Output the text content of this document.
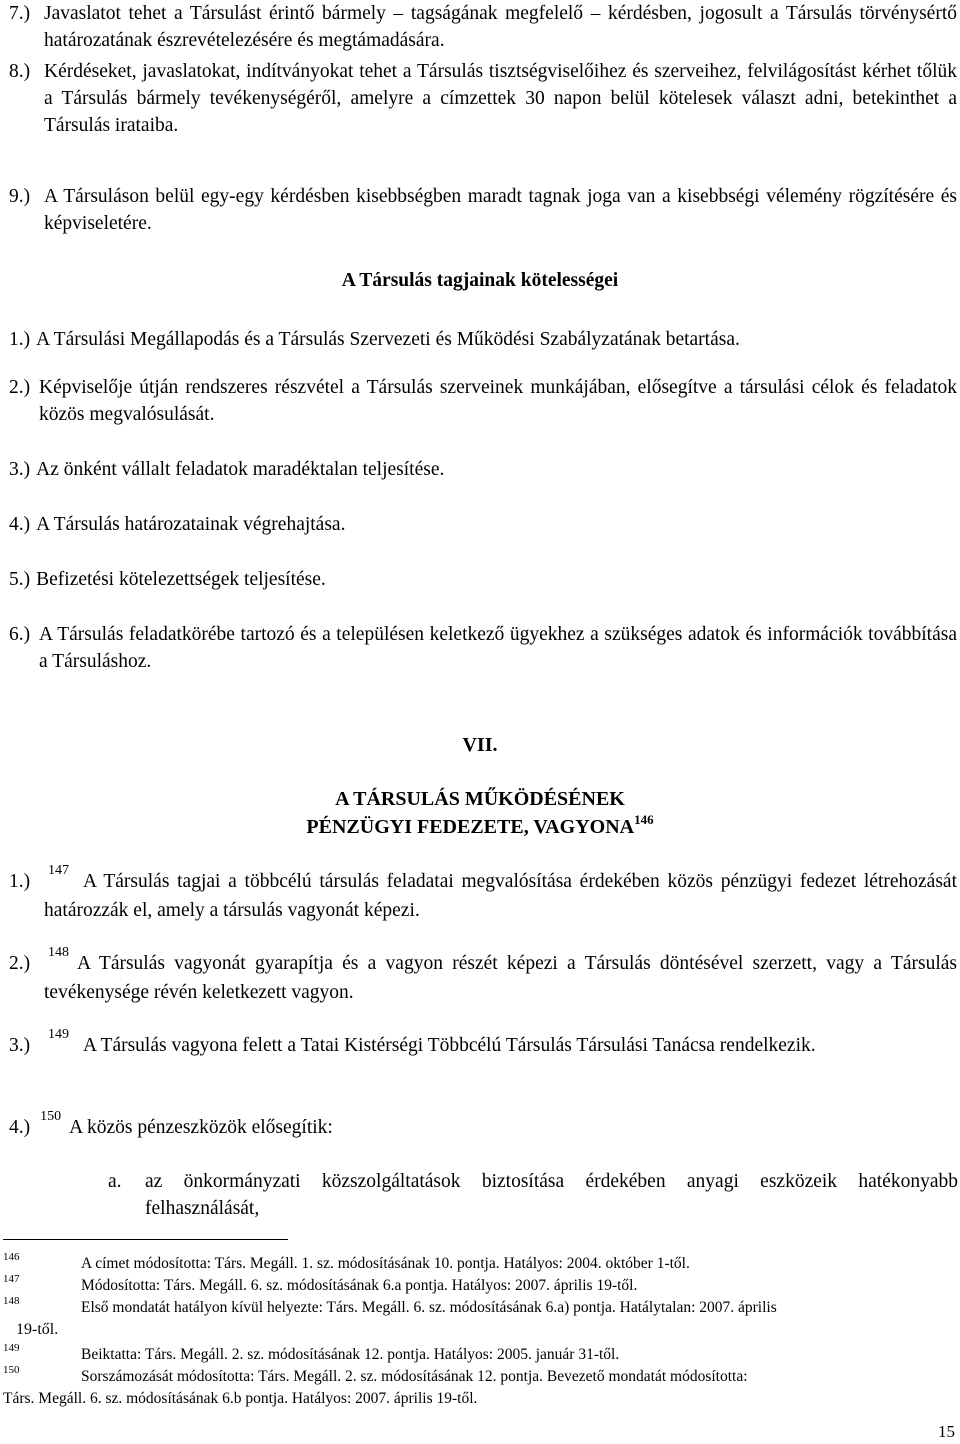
7.) Javaslatot tehet a Társulást érintő bármely – tagságának megfelelő – kérdésben, jogosult a Társulás törvénysértő határozatának észrevételezésére és megtámadására.
8.) Kérdéseket, javaslatokat, indítványokat tehet a Társulás tisztségviselőihez és szerveihez, felvilágosítást kérhet tőlük a Társulás bármely tevékenységéről, amelyre a címzettek 30 napon belül kötelesek választ adni, betekinthet a Társulás irataiba.
9.) A Társuláson belül egy-egy kérdésben kisebbségben maradt tagnak joga van a kisebbségi vélemény rögzítésére és képviseletére.
A Társulás tagjainak kötelességei
1.) A Társulási Megállapodás és a Társulás Szervezeti és Működési Szabályzatának betartása.
2.) Képviselője útján rendszeres részvétel a Társulás szerveinek munkájában, elősegítve a társulási célok és feladatok közös megvalósulását.
3.) Az önként vállalt feladatok maradéktalan teljesítése.
4.) A Társulás határozatainak végrehajtása.
5.) Befizetési kötelezettségek teljesítése.
6.) A Társulás feladatkörébe tartozó és a településen keletkező ügyekhez a szükséges adatok és információk továbbítása a Társuláshoz.
VII.
A TÁRSULÁS MŰKÖDÉSÉNEK
PÉNZÜGYI FEDEZETE, VAGYONA$^{146}$
1.)
$^{147}$A Társulás tagjai a többcélú társulás feladatai megvalósítása érdekében közös pénzügyi fedezet létrehozását határozzák el, amely a társulás vagyonát képezi.
2.)
$^{148}$A Társulás vagyonát gyarapítja és a vagyon részét képezi a Társulás döntésével szerzett, vagy a Társulás tevékenysége révén keletkezett vagyon.
3.)
$^{149}$A Társulás vagyona felett a Tatai Kistérségi Többcélú Társulás Társulási Tanácsa rendelkezik.
4.)$^{150}$A közös pénzeszközök elősegítik:
a. az önkormányzati közszolgáltatások biztosítása érdekében anyagi eszközeik hatékonyabb felhasználását,
146	A címet módosította: Társ. Megáll. 1. sz. módosításának 10. pontja. Hatályos: 2004. október 1-től.
147	Módosította: Társ. Megáll. 6. sz. módosításának 6.a pontja. Hatályos: 2007. április 19-től.
148	Első mondatát hatályon kívül helyezte: Társ. Megáll. 6. sz. módosításának 6.a) pontja. Hatálytalan: 2007. április
19-től.
149	Beiktatta: Társ. Megáll. 2. sz. módosításának 12. pontja. Hatályos: 2005. január 31-től.
150	Sorszámozását módosította: Társ. Megáll. 2. sz. módosításának 12. pontja. Bevezető mondatát módosította:
Társ. Megáll. 6. sz. módosításának 6.b pontja. Hatályos: 2007. április 19-től.
15
